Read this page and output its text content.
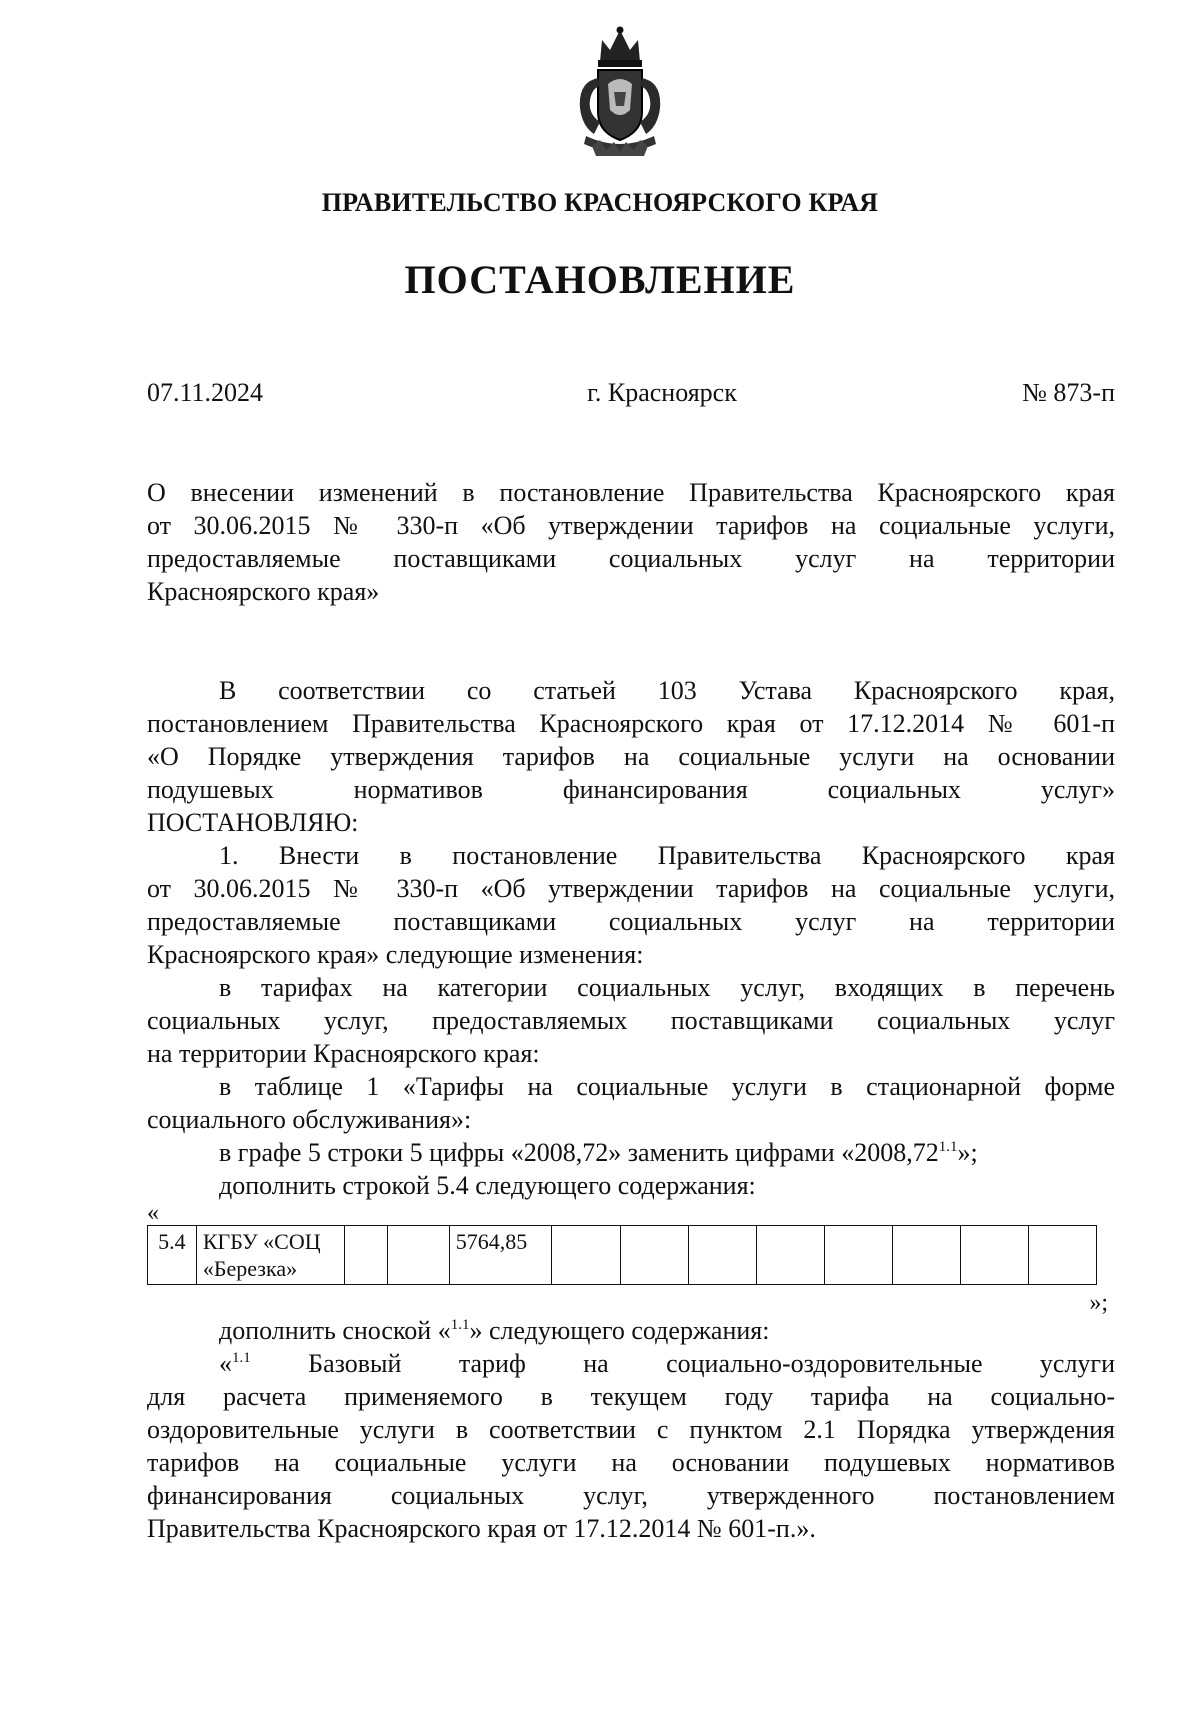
ПРАВИТЕЛЬСТВО КРАСНОЯРСКОГО КРАЯ
ПОСТАНОВЛЕНИЕ
07.11.2024	г. Красноярск	№ 873-п
О внесении изменений в постановление Правительства Красноярского края
от 30.06.2015 № 330-п «Об утверждении тарифов на социальные услуги,
предоставляемые поставщиками социальных услуг на территории
Красноярского края»
В соответствии со статьей 103 Устава Красноярского края,
постановлением Правительства Красноярского края от 17.12.2014 № 601-п
«О Порядке утверждения тарифов на социальные услуги на основании
подушевых нормативов финансирования социальных услуг»
ПОСТАНОВЛЯЮ:
1. Внести в постановление Правительства Красноярского края
от 30.06.2015 № 330-п «Об утверждении тарифов на социальные услуги,
предоставляемые поставщиками социальных услуг на территории
Красноярского края» следующие изменения:
в тарифах на категории социальных услуг, входящих в перечень
социальных услуг, предоставляемых поставщиками социальных услуг
на территории Красноярского края:
в таблице 1 «Тарифы на социальные услуги в стационарной форме
социального обслуживания»:
в графе 5 строки 5 цифры «2008,72» заменить цифрами «$2008,72^{1.1}$»;
дополнить строкой 5.4 следующего содержания:
«
5.4	КГБУ «СОЦ «Березка»			5764,85								
»;
дополнить сноской «$^{1.1}$» следующего содержания:
«$^{1.1}$ Базовый тариф на социально-оздоровительные услуги
для расчета применяемого в текущем году тарифа на социально-
оздоровительные услуги в соответствии с пунктом 2.1 Порядка утверждения
тарифов на социальные услуги на основании подушевых нормативов
финансирования социальных услуг, утвержденного постановлением
Правительства Красноярского края от 17.12.2014 № 601-п.».
